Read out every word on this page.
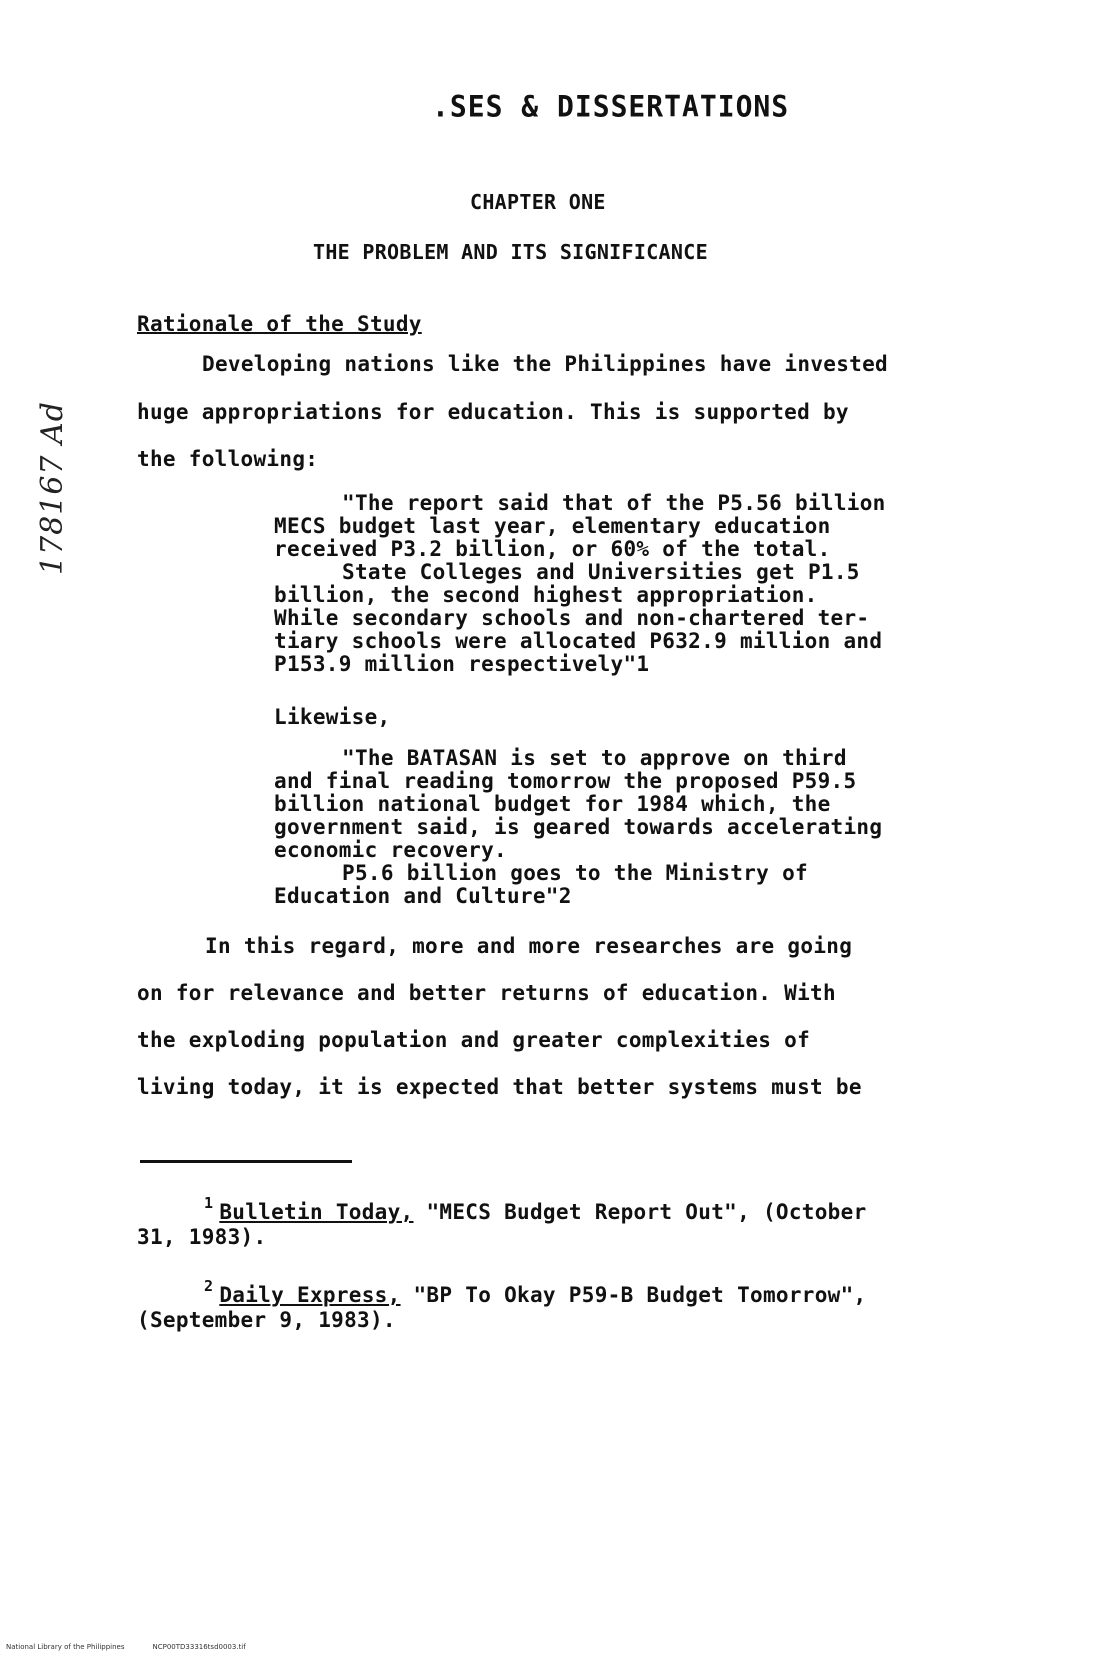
.SES & DISSERTATIONS
CHAPTER ONE
THE PROBLEM AND ITS SIGNIFICANCE
Rationale of the Study
Developing nations like the Philippines have invested
huge appropriations for education. This is supported by
the following:
"The report said that of the P5.56 billion
MECS budget last year, elementary education
received P3.2 billion, or 60% of the total.
State Colleges and Universities get P1.5
billion, the second highest appropriation.
While secondary schools and non-chartered ter-
tiary schools were allocated P632.9 million and
P153.9 million respectively"1
Likewise,
"The BATASAN is set to approve on third
and final reading tomorrow the proposed P59.5
billion national budget for 1984 which, the
government said, is geared towards accelerating
economic recovery.
P5.6 billion goes to the Ministry of
Education and Culture"2
In this regard, more and more researches are going
on for relevance and better returns of education. With
the exploding population and greater complexities of
living today, it is expected that better systems must be
$^1$ Bulletin Today, "MECS Budget Report Out", (October
31, 1983).
$^2$ Daily Express, "BP To Okay P59-B Budget Tomorrow",
(September 9, 1983).
178167 Ad
National Library of the Philippines	NCP00TD33316tsd0003.tif
